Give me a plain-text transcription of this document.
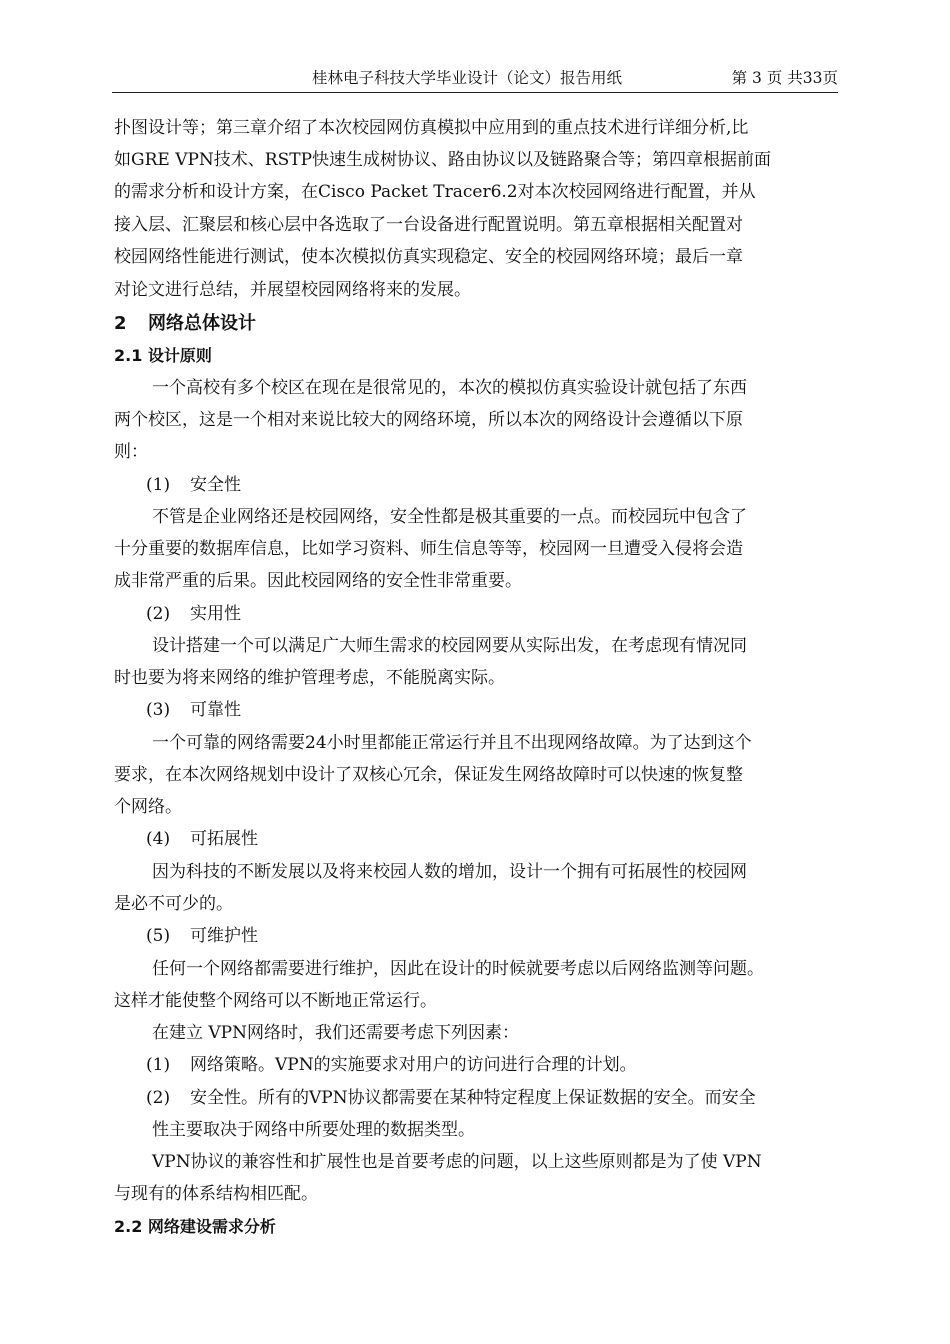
桂林电子科技大学毕业设计（论文）报告用纸	第 3 页 共33页
扑图设计等；第三章介绍了本次校园网仿真模拟中应用到的重点技术进行详细分析,比
如GRE VPN技术、RSTP快速生成树协议、路由协议以及链路聚合等；第四章根据前面
的需求分析和设计方案，在Cisco Packet Tracer6.2对本次校园网络进行配置，并从
接入层、汇聚层和核心层中各选取了一台设备进行配置说明。第五章根据相关配置对
校园网络性能进行测试，使本次模拟仿真实现稳定、安全的校园网络环境；最后一章
对论文进行总结，并展望校园网络将来的发展。
2 网络总体设计
2.1 设计原则
一个高校有多个校区在现在是很常见的，本次的模拟仿真实验设计就包括了东西
两个校区，这是一个相对来说比较大的网络环境，所以本次的网络设计会遵循以下原
则：
(1)	安全性
不管是企业网络还是校园网络，安全性都是极其重要的一点。而校园玩中包含了
十分重要的数据库信息，比如学习资料、师生信息等等，校园网一旦遭受入侵将会造
成非常严重的后果。因此校园网络的安全性非常重要。
(2)	实用性
设计搭建一个可以满足广大师生需求的校园网要从实际出发，在考虑现有情况同
时也要为将来网络的维护管理考虑，不能脱离实际。
(3)	可靠性
一个可靠的网络需要24小时里都能正常运行并且不出现网络故障。为了达到这个
要求，在本次网络规划中设计了双核心冗余，保证发生网络故障时可以快速的恢复整
个网络。
(4)	可拓展性
因为科技的不断发展以及将来校园人数的增加，设计一个拥有可拓展性的校园网
是必不可少的。
(5)	可维护性
任何一个网络都需要进行维护，因此在设计的时候就要考虑以后网络监测等问题。
这样才能使整个网络可以不断地正常运行。
在建立 VPN网络时，我们还需要考虑下列因素：
(1)	网络策略。VPN的实施要求对用户的访问进行合理的计划。
(2)	安全性。所有的VPN协议都需要在某种特定程度上保证数据的安全。而安全
性主要取决于网络中所要处理的数据类型。
VPN协议的兼容性和扩展性也是首要考虑的问题，以上这些原则都是为了使 VPN
与现有的体系结构相匹配。
2.2 网络建设需求分析
